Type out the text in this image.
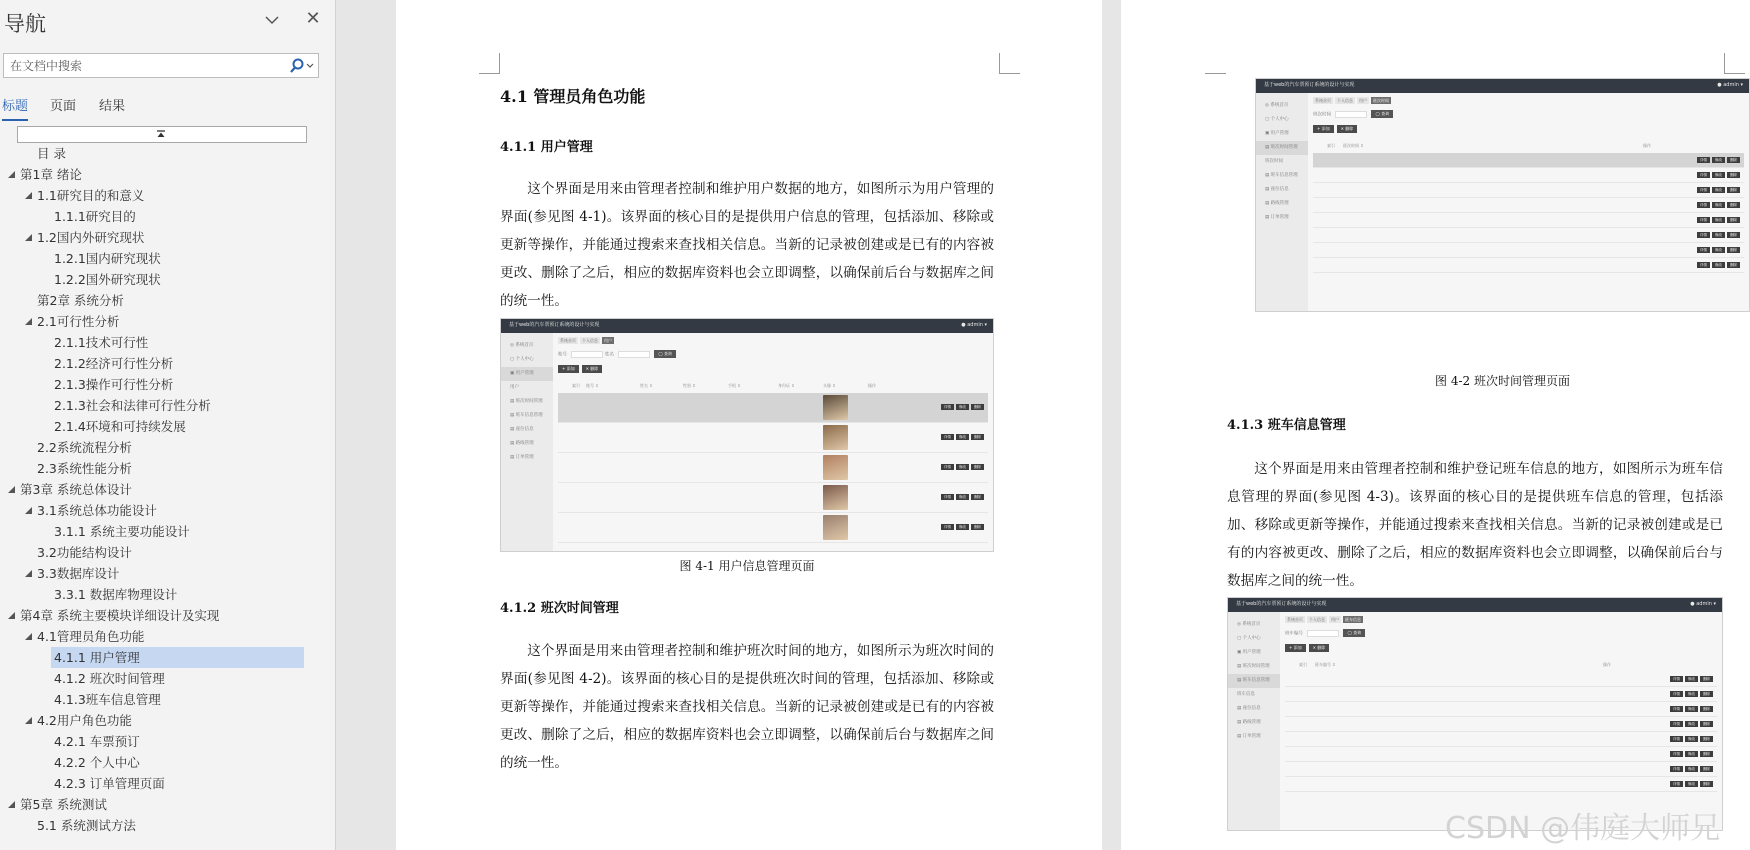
导航	✕
在文档中搜索
标题 页面 结果
目 录
第1章 绪论
1.1研究目的和意义
1.1.1研究目的
1.2国内外研究现状
1.2.1国内研究现状
1.2.2国外研究现状
第2章 系统分析
2.1可行性分析
2.1.1技术可行性
2.1.2经济可行性分析
2.1.3操作可行性分析
2.1.3社会和法律可行性分析
2.1.4环境和可持续发展
2.2系统流程分析
2.3系统性能分析
第3章 系统总体设计
3.1系统总体功能设计
3.1.1 系统主要功能设计
3.2功能结构设计
3.3数据库设计
3.3.1 数据库物理设计
第4章 系统主要模块详细设计及实现
4.1管理员角色功能
4.1.1 用户管理
4.1.2 班次时间管理
4.1.3班车信息管理
4.2用户角色功能
4.2.1 车票预订
4.2.2 个人中心
4.2.3 订单管理页面
第5章 系统测试
5.1 系统测试方法
4.1 管理员角色功能
4.1.1 用户管理
这个界面是用来由管理者控制和维护用户数据的地方，如图所示为用户管理的界面(参见图 4-1)。该界面的核心目的是提供用户信息的管理，包括添加、移除或更新等操作，并能通过搜索来查找相关信息。当新的记录被创建或是已有的内容被更改、删除了之后，相应的数据库资料也会立即调整，以确保前后台与数据库之间的统一性。
基于web的汽车票预订系统的设计与实现	● admin ▾
◎ 系统首页
▢ 个人中心
▣ 用户管理
用户
▤ 班次时间管理
▤ 班车信息管理
▤ 座位信息
▤ 路线管理
▤ 订单管理
系统首页	个人信息	用户
账号	姓名	◯ 查询
+ 添加	✕ 删除
索引 账号 ⇕	姓名 ⇕	性别 ⇕	手机 ⇕	身份证 ⇕	头像 ⇕	操作
详情	修改	删除
详情	修改	删除
详情	修改	删除
详情	修改	删除
详情	修改	删除
图 4-1 用户信息管理页面
4.1.2 班次时间管理
这个界面是用来由管理者控制和维护班次时间的地方，如图所示为班次时间的界面(参见图 4-2)。该界面的核心目的是提供班次时间的管理，包括添加、移除或更新等操作，并能通过搜索来查找相关信息。当新的记录被创建或是已有的内容被更改、删除了之后，相应的数据库资料也会立即调整，以确保前后台与数据库之间的统一性。
基于web的汽车票预订系统的设计与实现	● admin ▾
◎ 系统首页
▢ 个人中心
▣ 用户管理
▤ 班次时间管理
班次时间
▤ 班车信息管理
▤ 座位信息
▤ 路线管理
▤ 订单管理
系统首页	个人信息	用户	班次时间
班次时间	◯ 查询
+ 添加	✕ 删除
索引 班次时间 ⇕	操作
详情	修改	删除
详情	修改	删除
详情	修改	删除
详情	修改	删除
详情	修改	删除
详情	修改	删除
详情	修改	删除
详情	修改	删除
图 4-2 班次时间管理页面
4.1.3 班车信息管理
这个界面是用来由管理者控制和维护登记班车信息的地方，如图所示为班车信息管理的界面(参见图 4-3)。该界面的核心目的是提供班车信息的管理，包括添加、移除或更新等操作，并能通过搜索来查找相关信息。当新的记录被创建或是已有的内容被更改、删除了之后，相应的数据库资料也会立即调整，以确保前后台与数据库之间的统一性。
基于web的汽车票预订系统的设计与实现	● admin ▾
◎ 系统首页
▢ 个人中心
▣ 用户管理
▤ 班次时间管理
▤ 班车信息管理
班车信息
▤ 座位信息
▤ 路线管理
▤ 订单管理
系统首页	个人信息	用户	班车信息
班车编号	◯ 查询
+ 添加	✕ 删除
索引 班车编号 ⇕	操作
详情	修改	删除
详情	修改	删除
详情	修改	删除
详情	修改	删除
详情	修改	删除
详情	修改	删除
详情	修改	删除
详情	修改	删除
CSDN @伟庭大师兄
